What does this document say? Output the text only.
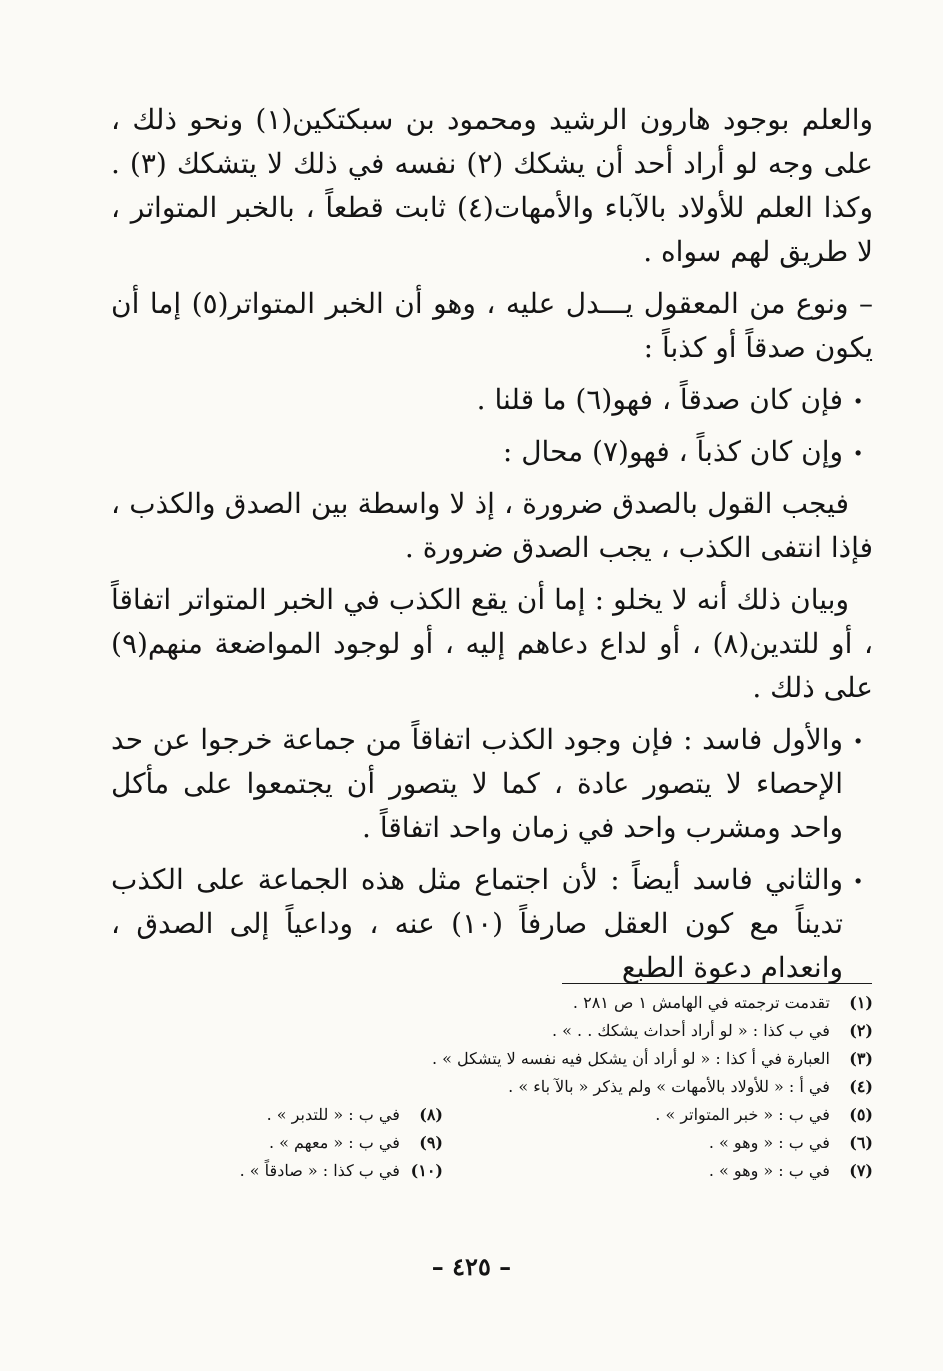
والعلم بوجود هارون الرشيد ومحمود بن سبكتكين(١) ونحو ذلك ، على وجه لو أراد أحد أن يشكك (٢) نفسه في ذلك لا يتشكك (٣) . وكذا العلم للأولاد بالآباء والأمهات(٤) ثابت قطعاً ، بالخبر المتواتر ، لا طريق لهم سواه .

– ونوع من المعقول يـــدل عليه ، وهو أن الخبر المتواتر(٥) إما أن يكون صدقاً أو كذباً :

. فإن كان صدقاً ، فهو(٦) ما قلنا .

. وإن كان كذباً ، فهو(٧) محال :

فيجب القول بالصدق ضرورة ، إذ لا واسطة بين الصدق والكذب ، فإذا انتفى الكذب ، يجب الصدق ضرورة .

وبيان ذلك أنه لا يخلو : إما أن يقع الكذب في الخبر المتواتر اتفاقاً ، أو للتدين(٨) ، أو لداع دعاهم إليه ، أو لوجود المواضعة منهم(٩) على ذلك .

. والأول فاسد : فإن وجود الكذب اتفاقاً من جماعة خرجوا عن حد الإحصاء لا يتصور عادة ، كما لا يتصور أن يجتمعوا على مأكل واحد ومشرب واحد في زمان واحد اتفاقاً .

. والثاني فاسد أيضاً : لأن اجتماع مثل هذه الجماعة على الكذب تديناً مع كون العقل صارفاً (١٠) عنه ، وداعياً إلى الصدق ، وانعدام دعوة الطبع

(١) تقدمت ترجمته في الهامش ١ ص ٢٨١ .
(٢) في ب كذا : « لو أراد أحداث يشكك . . » .
(٣) العبارة في أ كذا : « لو أراد أن يشكل فيه نفسه لا يتشكل » .
(٤) في أ : « للأولاد بالأمهات » ولم يذكر « بالآ باء » .
(٥) في ب : « خبر المتواتر » .
(٦) في ب : « وهو » .
(٧) في ب : « وهو » .
(٨) في ب : « للتدبر » .
(٩) في ب : « معهم » .
(١٠) في ب كذا : « صادقاً » .
– ٤٢٥ –
